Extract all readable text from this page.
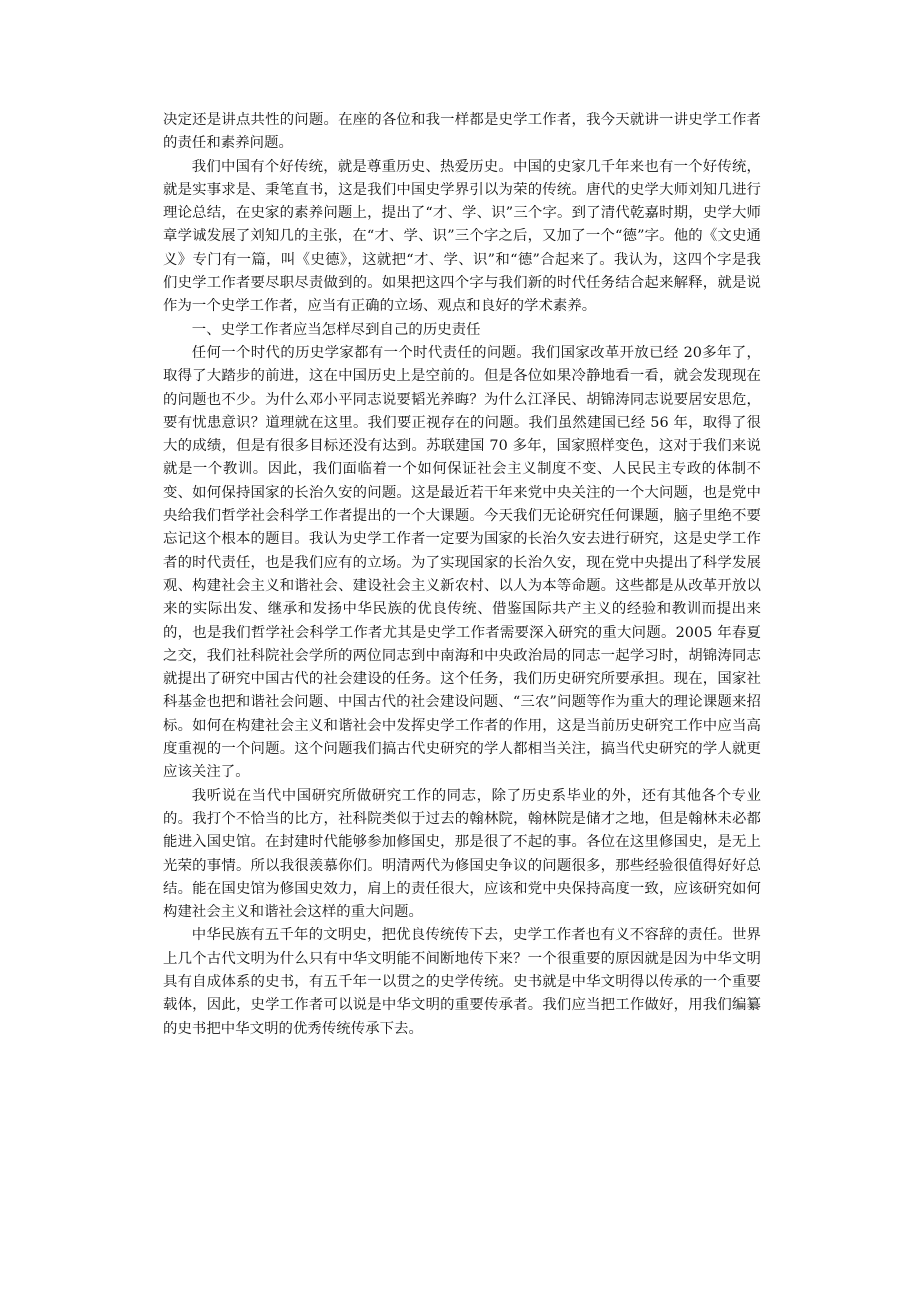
决定还是讲点共性的问题。在座的各位和我一样都是史学工作者，我今天就讲一讲史学工作者的责任和素养问题。

我们中国有个好传统，就是尊重历史、热爱历史。中国的史家几千年来也有一个好传统，就是实事求是、秉笔直书，这是我们中国史学界引以为荣的传统。唐代的史学大师刘知几进行理论总结，在史家的素养问题上，提出了“才、学、识”三个字。到了清代乾嘉时期，史学大师章学诚发展了刘知几的主张，在“才、学、识”三个字之后，又加了一个“德”字。他的《文史通义》专门有一篇，叫《史德》，这就把“才、学、识”和“德”合起来了。我认为，这四个字是我们史学工作者要尽职尽责做到的。如果把这四个字与我们新的时代任务结合起来解释，就是说作为一个史学工作者，应当有正确的立场、观点和良好的学术素养。

一、史学工作者应当怎样尽到自己的历史责任

任何一个时代的历史学家都有一个时代责任的问题。我们国家改革开放已经 20多年了，取得了大踏步的前进，这在中国历史上是空前的。但是各位如果冷静地看一看，就会发现现在的问题也不少。为什么邓小平同志说要韬光养晦？为什么江泽民、胡锦涛同志说要居安思危，要有忧患意识？道理就在这里。我们要正视存在的问题。我们虽然建国已经 56 年，取得了很大的成绩，但是有很多目标还没有达到。苏联建国 70 多年，国家照样变色，这对于我们来说就是一个教训。因此，我们面临着一个如何保证社会主义制度不变、人民民主专政的体制不变、如何保持国家的长治久安的问题。这是最近若干年来党中央关注的一个大问题，也是党中央给我们哲学社会科学工作者提出的一个大课题。今天我们无论研究任何课题，脑子里绝不要忘记这个根本的题目。我认为史学工作者一定要为国家的长治久安去进行研究，这是史学工作者的时代责任，也是我们应有的立场。为了实现国家的长治久安，现在党中央提出了科学发展观、构建社会主义和谐社会、建设社会主义新农村、以人为本等命题。这些都是从改革开放以来的实际出发、继承和发扬中华民族的优良传统、借鉴国际共产主义的经验和教训而提出来的，也是我们哲学社会科学工作者尤其是史学工作者需要深入研究的重大问题。2005 年春夏之交，我们社科院社会学所的两位同志到中南海和中央政治局的同志一起学习时，胡锦涛同志就提出了研究中国古代的社会建设的任务。这个任务，我们历史研究所要承担。现在，国家社科基金也把和谐社会问题、中国古代的社会建设问题、“三农”问题等作为重大的理论课题来招标。如何在构建社会主义和谐社会中发挥史学工作者的作用，这是当前历史研究工作中应当高度重视的一个问题。这个问题我们搞古代史研究的学人都相当关注，搞当代史研究的学人就更应该关注了。

我听说在当代中国研究所做研究工作的同志，除了历史系毕业的外，还有其他各个专业的。我打个不恰当的比方，社科院类似于过去的翰林院，翰林院是储才之地，但是翰林未必都能进入国史馆。在封建时代能够参加修国史，那是很了不起的事。各位在这里修国史，是无上光荣的事情。所以我很羡慕你们。明清两代为修国史争议的问题很多，那些经验很值得好好总结。能在国史馆为修国史效力，肩上的责任很大，应该和党中央保持高度一致，应该研究如何构建社会主义和谐社会这样的重大问题。

中华民族有五千年的文明史，把优良传统传下去，史学工作者也有义不容辞的责任。世界上几个古代文明为什么只有中华文明能不间断地传下来？一个很重要的原因就是因为中华文明具有自成体系的史书，有五千年一以贯之的史学传统。史书就是中华文明得以传承的一个重要载体，因此，史学工作者可以说是中华文明的重要传承者。我们应当把工作做好，用我们编纂的史书把中华文明的优秀传统传承下去。
